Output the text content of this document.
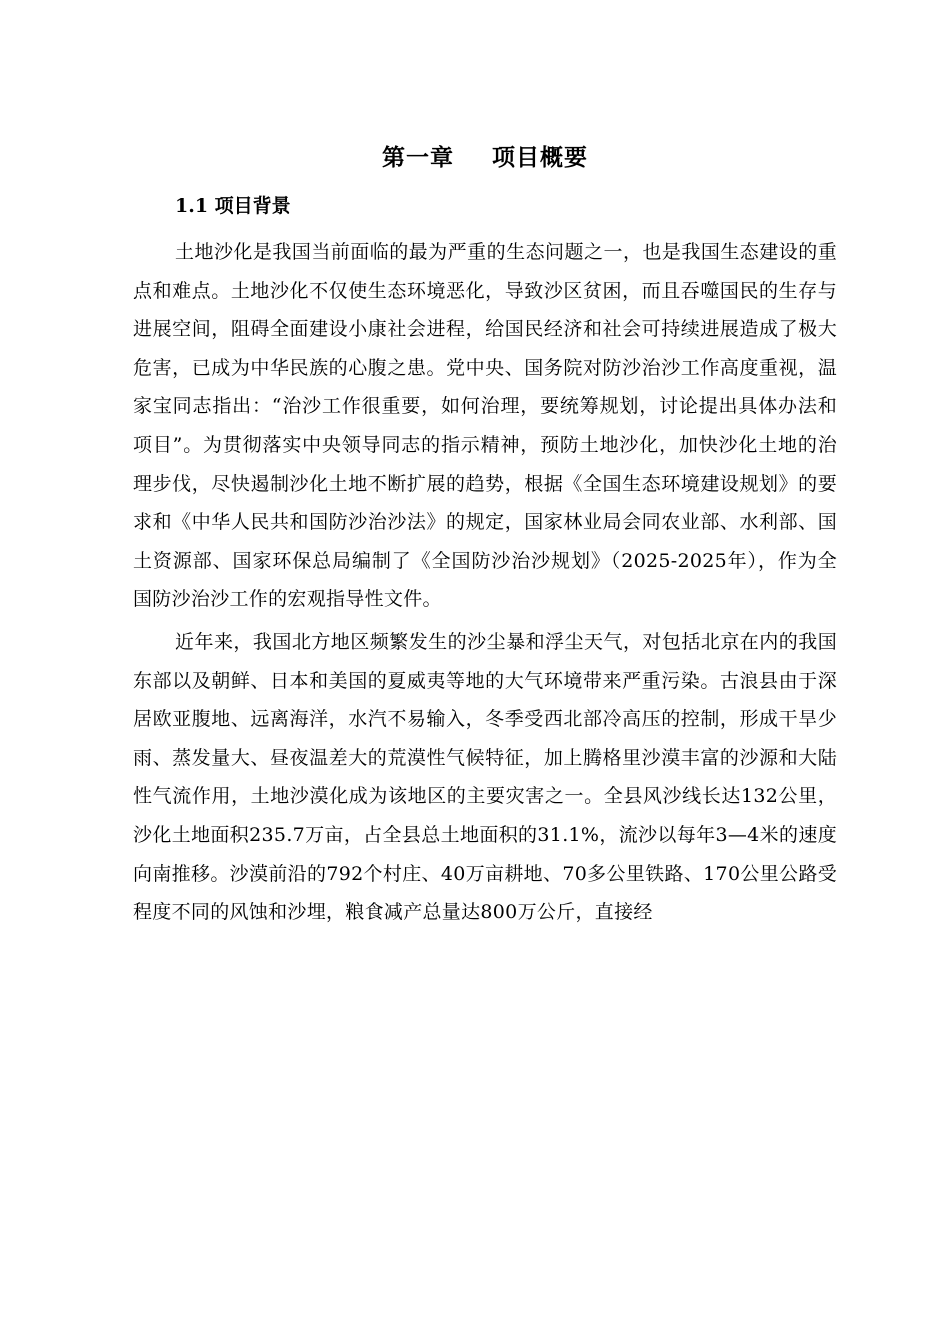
第一章 项目概要
1.1 项目背景

土地沙化是我国当前面临的最为严重的生态问题之一，也是我国生态建设的重点和难点。土地沙化不仅使生态环境恶化，导致沙区贫困，而且吞噬国民的生存与进展空间，阻碍全面建设小康社会进程，给国民经济和社会可持续进展造成了极大危害，已成为中华民族的心腹之患。党中央、国务院对防沙治沙工作高度重视，温家宝同志指出：“治沙工作很重要，如何治理，要统筹规划，讨论提出具体办法和项目”。为贯彻落实中央领导同志的指示精神，预防土地沙化，加快沙化土地的治理步伐，尽快遏制沙化土地不断扩展的趋势，根据《全国生态环境建设规划》的要求和《中华人民共和国防沙治沙法》的规定，国家林业局会同农业部、水利部、国土资源部、国家环保总局编制了《全国防沙治沙规划》（2025-2025年），作为全国防沙治沙工作的宏观指导性文件。

近年来，我国北方地区频繁发生的沙尘暴和浮尘天气，对包括北京在内的我国东部以及朝鲜、日本和美国的夏威夷等地的大气环境带来严重污染。古浪县由于深居欧亚腹地、远离海洋，水汽不易输入，冬季受西北部冷高压的控制，形成干旱少雨、蒸发量大、昼夜温差大的荒漠性气候特征，加上腾格里沙漠丰富的沙源和大陆性气流作用，土地沙漠化成为该地区的主要灾害之一。全县风沙线长达132公里，沙化土地面积235.7万亩，占全县总土地面积的31.1%，流沙以每年3—4米的速度向南推移。沙漠前沿的792个村庄、40万亩耕地、70多公里铁路、170公里公路受程度不同的风蚀和沙埋，粮食减产总量达800万公斤，直接经
